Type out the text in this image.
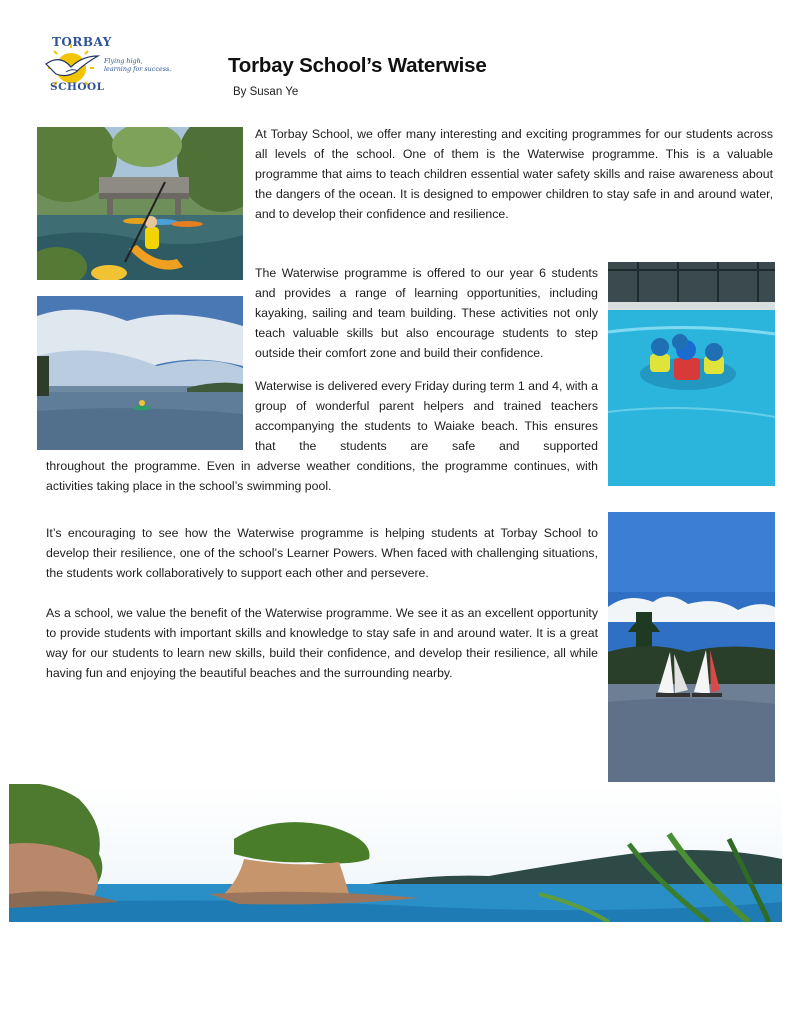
TORBAY
SCHOOL
Flying high,
learning for success.	Torbay School’s Waterwise
By Susan Ye

At Torbay School, we offer many interesting and exciting programmes for our students across all levels of the school. One of them is the Waterwise programme. This is a valuable programme that aims to teach children essential water safety skills and raise awareness about the dangers of the ocean. It is designed to empower children to stay safe in and around water, and to develop their confidence and resilience.

The Waterwise programme is offered to our year 6 students and provides a range of learning opportunities, including kayaking, sailing and team building. These activities not only teach valuable skills but also encourage students to step outside their comfort zone and build their confidence.

Waterwise is delivered every Friday during term 1 and 4, with a group of wonderful parent helpers and trained teachers accompanying the students to Waiake beach. This ensures that the students are safe and supported

throughout the programme. Even in adverse weather conditions, the programme continues, with activities taking place in the school’s swimming pool.

It’s encouraging to see how the Waterwise programme is helping students at Torbay School to develop their resilience, one of the school’s Learner Powers. When faced with challenging situations, the students work collaboratively to support each other and persevere.

As a school, we value the benefit of the Waterwise programme. We see it as an excellent opportunity to provide students with important skills and knowledge to stay safe in and around water. It is a great way for our students to learn new skills, build their confidence, and develop their resilience, all while having fun and enjoying the beautiful beaches and the surrounding nearby.
